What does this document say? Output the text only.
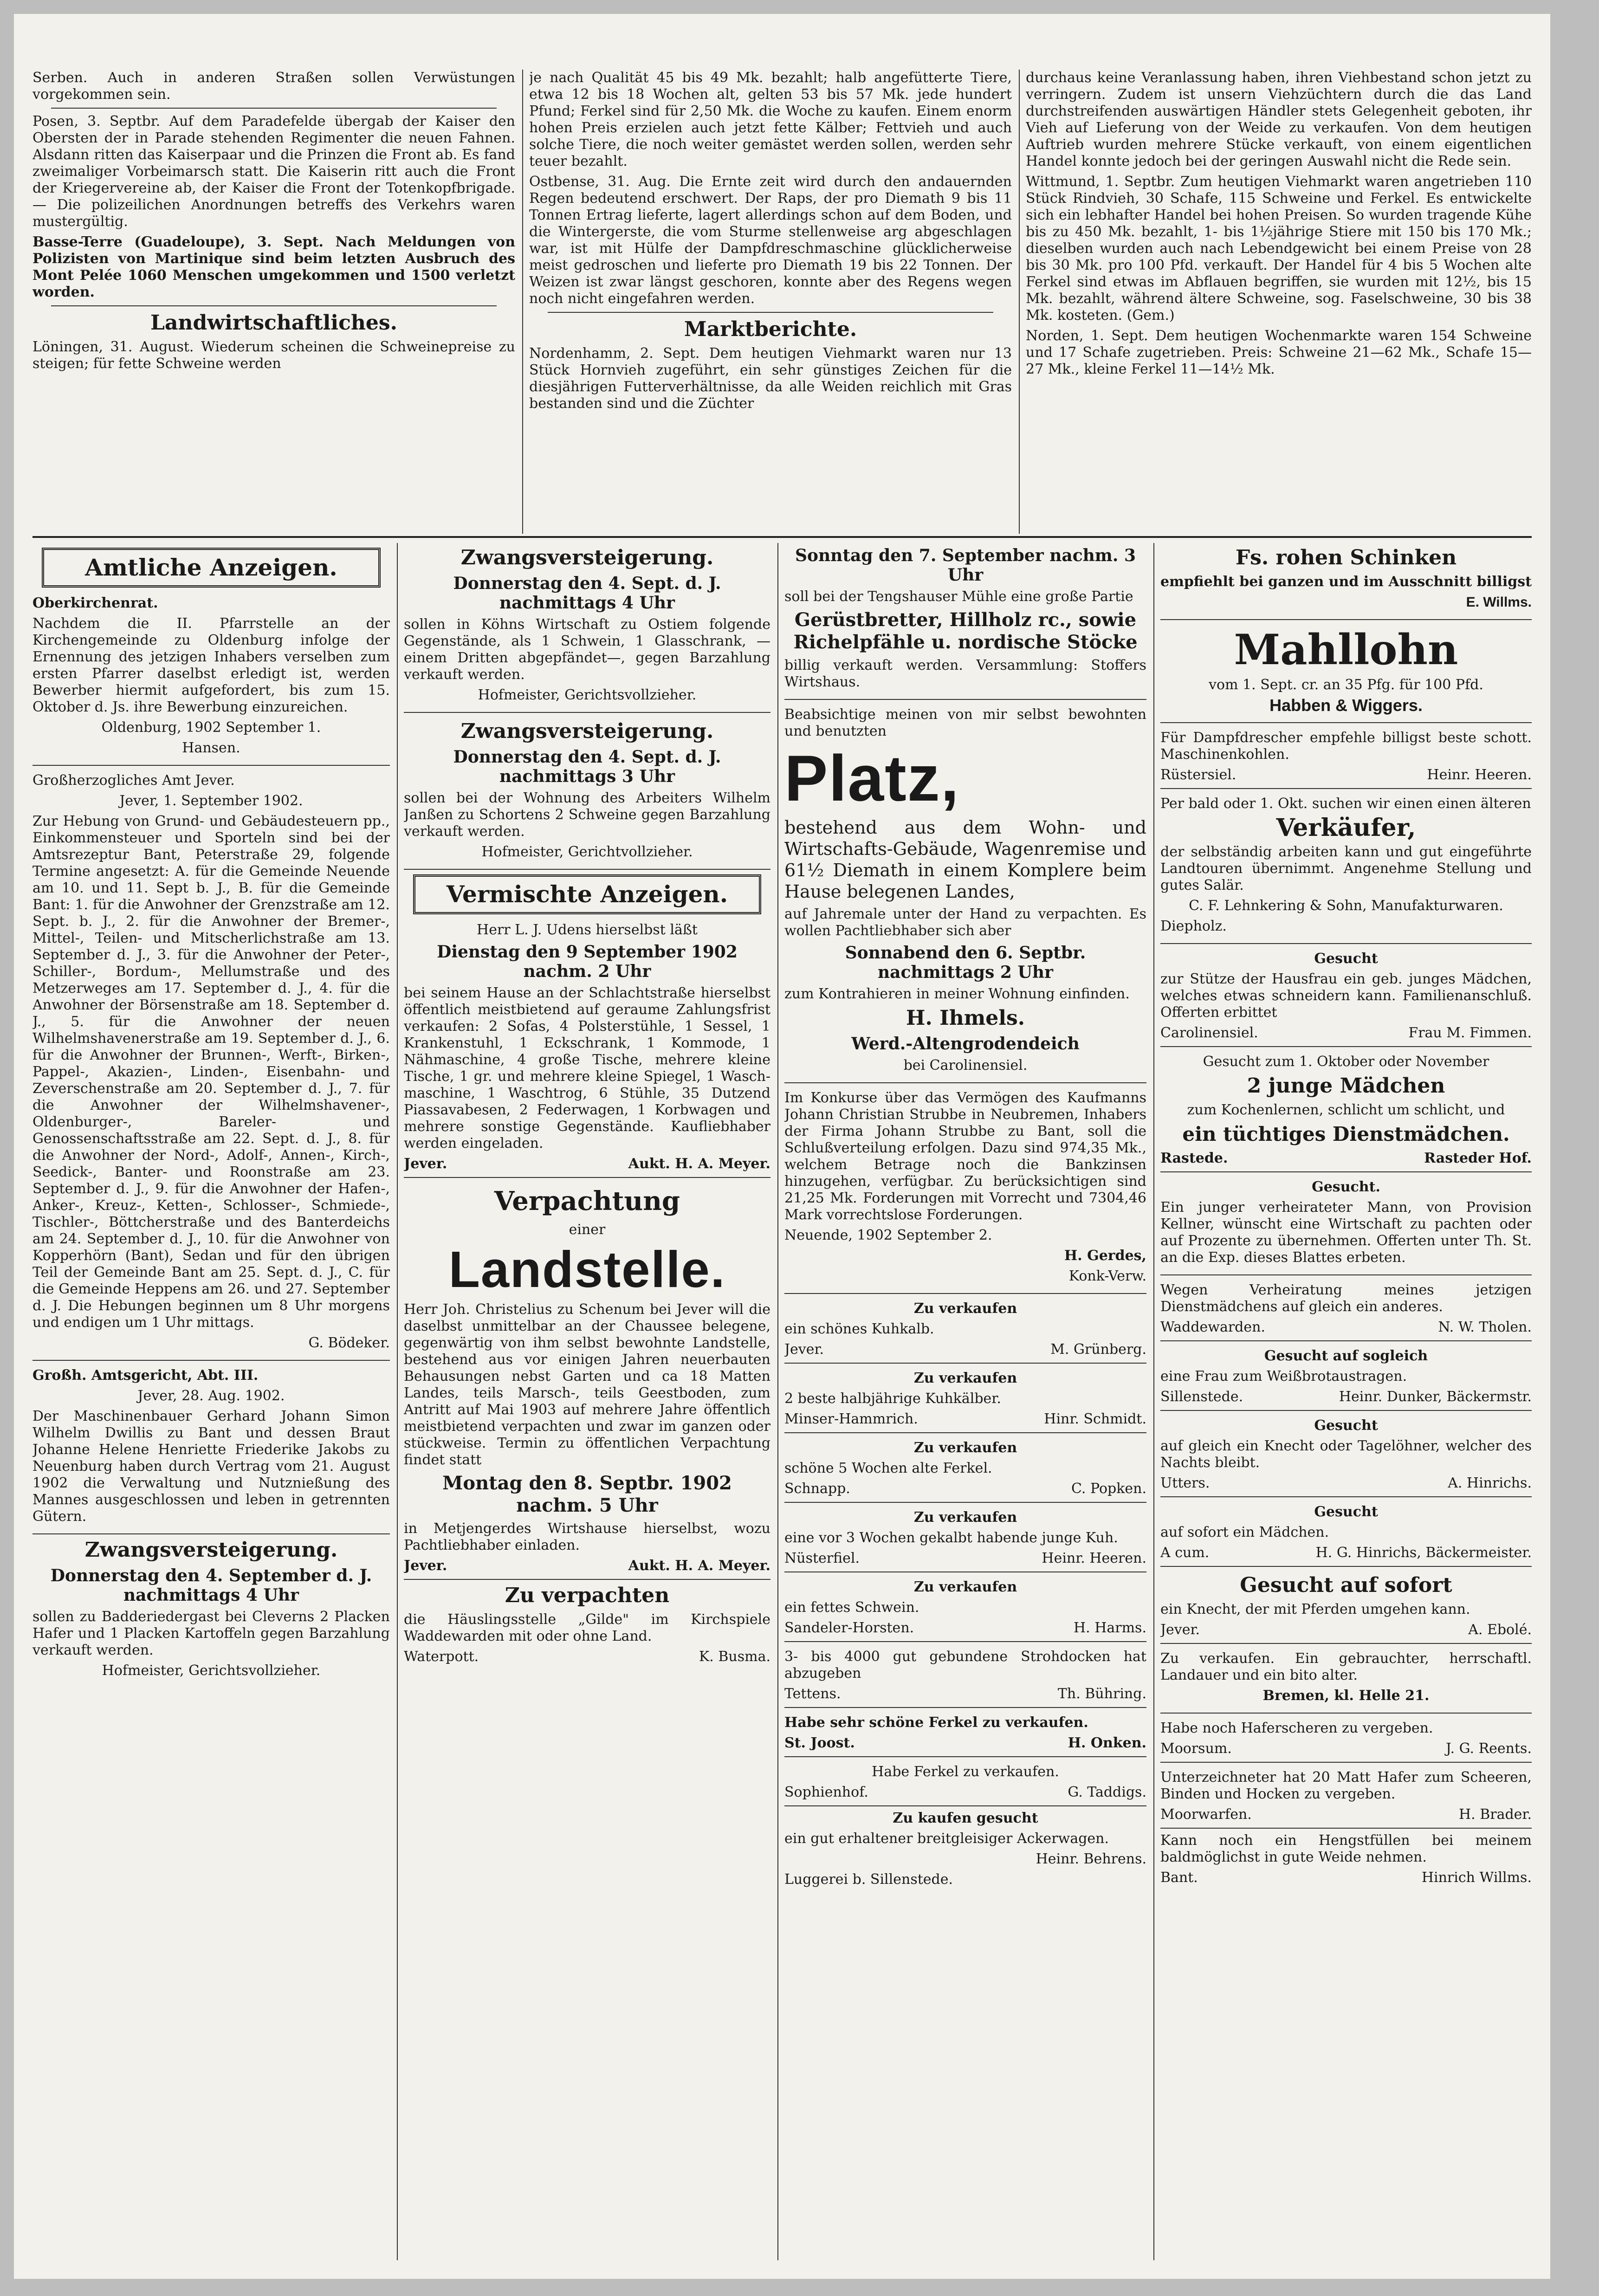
Serben. Auch in anderen Straßen sollen Verwüstungen vorgekommen sein.

Posen, 3. Septbr. Auf dem Paradefelde übergab der Kaiser den Obersten der in Parade stehenden Regimenter die neuen Fahnen. Alsdann ritten das Kaiserpaar und die Prinzen die Front ab. Es fand zweimaliger Vorbeimarsch statt. Die Kaiserin ritt auch die Front der Kriegervereine ab, der Kaiser die Front der Totenkopfbrigade. — Die polizeilichen Anordnungen betreffs des Verkehrs waren mustergültig.

Basse-Terre (Guadeloupe), 3. Sept. Nach Meldungen von Polizisten von Martinique sind beim letzten Ausbruch des Mont Pelée 1060 Menschen umgekommen und 1500 verletzt worden.

Landwirtschaftliches.

Löningen, 31. August. Wiederum scheinen die Schweinepreise zu steigen; für fette Schweine werden

je nach Qualität 45 bis 49 Mk. bezahlt; halb angefütterte Tiere, etwa 12 bis 18 Wochen alt, gelten 53 bis 57 Mk. jede hundert Pfund; Ferkel sind für 2,50 Mk. die Woche zu kaufen. Einem enorm hohen Preis erzielen auch jetzt fette Kälber; Fettvieh und auch solche Tiere, die noch weiter gemästet werden sollen, werden sehr teuer bezahlt.

Ostbense, 31. Aug. Die Ernte zeit wird durch den andauernden Regen bedeutend erschwert. Der Raps, der pro Diemath 9 bis 11 Tonnen Ertrag lieferte, lagert allerdings schon auf dem Boden, und die Wintergerste, die vom Sturme stellenweise arg abgeschlagen war, ist mit Hülfe der Dampfdreschmaschine glücklicherweise meist gedroschen und lieferte pro Diemath 19 bis 22 Tonnen. Der Weizen ist zwar längst geschoren, konnte aber des Regens wegen noch nicht eingefahren werden.

Marktberichte.

Nordenhamm, 2. Sept. Dem heutigen Viehmarkt waren nur 13 Stück Hornvieh zugeführt, ein sehr günstiges Zeichen für die diesjährigen Futterverhältnisse, da alle Weiden reichlich mit Gras bestanden sind und die Züchter

durchaus keine Veranlassung haben, ihren Viehbestand schon jetzt zu verringern. Zudem ist unsern Viehzüchtern durch die das Land durchstreifenden auswärtigen Händler stets Gelegenheit geboten, ihr Vieh auf Lieferung von der Weide zu verkaufen. Von dem heutigen Auftrieb wurden mehrere Stücke verkauft, von einem eigentlichen Handel konnte jedoch bei der geringen Auswahl nicht die Rede sein.

Wittmund, 1. Septbr. Zum heutigen Viehmarkt waren angetrieben 110 Stück Rindvieh, 30 Schafe, 115 Schweine und Ferkel. Es entwickelte sich ein lebhafter Handel bei hohen Preisen. So wurden tragende Kühe bis zu 450 Mk. bezahlt, 1- bis 1½jährige Stiere mit 150 bis 170 Mk.; dieselben wurden auch nach Lebendgewicht bei einem Preise von 28 bis 30 Mk. pro 100 Pfd. verkauft. Der Handel für 4 bis 5 Wochen alte Ferkel sind etwas im Abflauen begriffen, sie wurden mit 12½, bis 15 Mk. bezahlt, während ältere Schweine, sog. Faselschweine, 30 bis 38 Mk. kosteten. (Gem.)

Norden, 1. Sept. Dem heutigen Wochenmarkte waren 154 Schweine und 17 Schafe zugetrieben. Preis: Schweine 21—62 Mk., Schafe 15—27 Mk., kleine Ferkel 11—14½ Mk.

Amtliche Anzeigen.

Oberkirchenrat.

Nachdem die II. Pfarrstelle an der Kirchengemeinde zu Oldenburg infolge der Ernennung des jetzigen Inhabers verselben zum ersten Pfarrer daselbst erledigt ist, werden Bewerber hiermit aufgefordert, bis zum 15. Oktober d. Js. ihre Bewerbung einzureichen.

Oldenburg, 1902 September 1.

Hansen.

Großherzogliches Amt Jever.

Jever, 1. September 1902.

Zur Hebung von Grund- und Gebäudesteuern pp., Einkommensteuer und Sporteln sind bei der Amtsrezeptur Bant, Peterstraße 29, folgende Termine angesetzt: A. für die Gemeinde Neuende am 10. und 11. Sept b. J., B. für die Gemeinde Bant: 1. für die Anwohner der Grenzstraße am 12. Sept. b. J., 2. für die Anwohner der Bremer-, Mittel-, Teilen- und Mitscherlichstraße am 13. September d. J., 3. für die Anwohner der Peter-, Schiller-, Bordum-, Mellumstraße und des Metzerweges am 17. September d. J., 4. für die Anwohner der Börsenstraße am 18. September d. J., 5. für die Anwohner der neuen Wilhelmshavenerstraße am 19. September d. J., 6. für die Anwohner der Brunnen-, Werft-, Birken-, Pappel-, Akazien-, Linden-, Eisenbahn- und Zeverschenstraße am 20. September d. J., 7. für die Anwohner der Wilhelmshavener-, Oldenburger-, Bareler- und Genossenschaftsstraße am 22. Sept. d. J., 8. für die Anwohner der Nord-, Adolf-, Annen-, Kirch-, Seedick-, Banter- und Roonstraße am 23. September d. J., 9. für die Anwohner der Hafen-, Anker-, Kreuz-, Ketten-, Schlosser-, Schmiede-, Tischler-, Böttcherstraße und des Banterdeichs am 24. September d. J., 10. für die Anwohner von Kopperhörn (Bant), Sedan und für den übrigen Teil der Gemeinde Bant am 25. Sept. d. J., C. für die Gemeinde Heppens am 26. und 27. September d. J. Die Hebungen beginnen um 8 Uhr morgens und endigen um 1 Uhr mittags.

G. Bödeker.

Großh. Amtsgericht, Abt. III.

Jever, 28. Aug. 1902.

Der Maschinenbauer Gerhard Johann Simon Wilhelm Dwillis zu Bant und dessen Braut Johanne Helene Henriette Friederike Jakobs zu Neuenburg haben durch Vertrag vom 21. August 1902 die Verwaltung und Nutznießung des Mannes ausgeschlossen und leben in getrennten Gütern.

Zwangsversteigerung.

Donnerstag den 4. September d. J. nachmittags 4 Uhr

sollen zu Badderiedergast bei Cleverns 2 Placken Hafer und 1 Placken Kartoffeln gegen Barzahlung verkauft werden.

Hofmeister, Gerichtsvollzieher.

Zwangsversteigerung.

Donnerstag den 4. Sept. d. J. nachmittags 4 Uhr

sollen in Köhns Wirtschaft zu Ostiem folgende Gegenstände, als 1 Schwein, 1 Glasschrank, —einem Dritten abgepfändet—, gegen Barzahlung verkauft werden.

Hofmeister, Gerichtsvollzieher.

Zwangsversteigerung.

Donnerstag den 4. Sept. d. J. nachmittags 3 Uhr

sollen bei der Wohnung des Arbeiters Wilhelm Janßen zu Schortens 2 Schweine gegen Barzahlung verkauft werden.

Hofmeister, Gerichtvollzieher.

Vermischte Anzeigen.

Herr L. J. Udens hierselbst läßt

Dienstag den 9 September 1902 nachm. 2 Uhr

bei seinem Hause an der Schlachtstraße hierselbst öffentlich meistbietend auf geraume Zahlungsfrist verkaufen: 2 Sofas, 4 Polsterstühle, 1 Sessel, 1 Krankenstuhl, 1 Eckschrank, 1 Kommode, 1 Nähmaschine, 4 große Tische, mehrere kleine Tische, 1 gr. und mehrere kleine Spiegel, 1 Wasch-maschine, 1 Waschtrog, 6 Stühle, 35 Dutzend Piassavabesen, 2 Federwagen, 1 Korbwagen und mehrere sonstige Gegenstände. Kaufliebhaber werden eingeladen.

Jever.	Aukt. H. A. Meyer.

Verpachtung

einer

Landstelle.

Herr Joh. Christelius zu Schenum bei Jever will die daselbst unmittelbar an der Chaussee belegene, gegenwärtig von ihm selbst bewohnte Landstelle, bestehend aus vor einigen Jahren neuerbauten Behausungen nebst Garten und ca 18 Matten Landes, teils Marsch-, teils Geestboden, zum Antritt auf Mai 1903 auf mehrere Jahre öffentlich meistbietend verpachten und zwar im ganzen oder stückweise. Termin zu öffentlichen Verpachtung findet statt

Montag den 8. Septbr. 1902 nachm. 5 Uhr

in Metjengerdes Wirtshause hierselbst, wozu Pachtliebhaber einladen.

Jever.	Aukt. H. A. Meyer.

Zu verpachten

die Häuslingsstelle „Gilde" im Kirchspiele Waddewarden mit oder ohne Land.

Waterpott.	K. Busma.

Sonntag den 7. September nachm. 3 Uhr

soll bei der Tengshauser Mühle eine große Partie

Gerüstbretter, Hillholz rc., sowie Richelpfähle u. nordische Stöcke

billig verkauft werden. Versammlung: Stoffers Wirtshaus.

Beabsichtige meinen von mir selbst bewohnten und benutzten

Platz,

bestehend aus dem Wohn- und Wirtschafts-Gebäude, Wagenremise und 61½ Diemath in einem Komplere beim Hause belegenen Landes,

auf Jahremale unter der Hand zu verpachten. Es wollen Pachtliebhaber sich aber

Sonnabend den 6. Septbr. nachmittags 2 Uhr

zum Kontrahieren in meiner Wohnung einfinden.

H. Ihmels.

Werd.-Altengrodendeich

bei Carolinensiel.

Im Konkurse über das Vermögen des Kaufmanns Johann Christian Strubbe in Neubremen, Inhabers der Firma Johann Strubbe zu Bant, soll die Schlußverteilung erfolgen. Dazu sind 974,35 Mk., welchem Betrage noch die Bankzinsen hinzugehen, verfügbar. Zu berücksichtigen sind 21,25 Mk. Forderungen mit Vorrecht und 7304,46 Mark vorrechtslose Forderungen.

Neuende, 1902 September 2.

H. Gerdes,

Konk-Verw.

Zu verkaufen

ein schönes Kuhkalb.

Jever.	M. Grünberg.

Zu verkaufen

2 beste halbjährige Kuhkälber.

Minser-Hammrich.	Hinr. Schmidt.

Zu verkaufen

schöne 5 Wochen alte Ferkel.

Schnapp.	C. Popken.

Zu verkaufen

eine vor 3 Wochen gekalbt habende junge Kuh.

Nüsterfiel.	Heinr. Heeren.

Zu verkaufen

ein fettes Schwein.

Sandeler-Horsten.	H. Harms.

3- bis 4000 gut gebundene Strohdocken hat abzugeben

Tettens.	Th. Bühring.

Habe sehr schöne Ferkel zu verkaufen.

St. Joost.	H. Onken.

Habe Ferkel zu verkaufen.

Sophienhof.	G. Taddigs.

Zu kaufen gesucht

ein gut erhaltener breitgleisiger Ackerwagen.

Heinr. Behrens.

Luggerei b. Sillenstede.

Fs. rohen Schinken

empfiehlt bei ganzen und im Ausschnitt billigst

E. Willms.

Mahllohn

vom 1. Sept. cr. an 35 Pfg. für 100 Pfd.

Habben & Wiggers.

Für Dampfdrescher empfehle billigst beste schott. Maschinenkohlen.

Rüstersiel.	Heinr. Heeren.

Per bald oder 1. Okt. suchen wir einen einen älteren

Verkäufer,

der selbständig arbeiten kann und gut eingeführte Landtouren übernimmt. Angenehme Stellung und gutes Salär.

C. F. Lehnkering & Sohn, Manufakturwaren.

Diepholz.

Gesucht

zur Stütze der Hausfrau ein geb. junges Mädchen, welches etwas schneidern kann. Familienanschluß. Offerten erbittet

Carolinensiel.	Frau M. Fimmen.

Gesucht zum 1. Oktober oder November

2 junge Mädchen

zum Kochenlernen, schlicht um schlicht, und

ein tüchtiges Dienstmädchen.

Rastede.	Rasteder Hof.

Gesucht.

Ein junger verheirateter Mann, von Provision Kellner, wünscht eine Wirtschaft zu pachten oder auf Prozente zu übernehmen. Offerten unter Th. St. an die Exp. dieses Blattes erbeten.

Wegen Verheiratung meines jetzigen Dienstmädchens auf gleich ein anderes.

Waddewarden.	N. W. Tholen.

Gesucht auf sogleich

eine Frau zum Weißbrotaustragen.

Sillenstede.	Heinr. Dunker, Bäckermstr.

Gesucht

auf gleich ein Knecht oder Tagelöhner, welcher des Nachts bleibt.

Utters.	A. Hinrichs.

Gesucht

auf sofort ein Mädchen.

A cum.	H. G. Hinrichs, Bäckermeister.

Gesucht auf sofort

ein Knecht, der mit Pferden umgehen kann.

Jever.	A. Ebolé.

Zu verkaufen. Ein gebrauchter, herrschaftl. Landauer und ein bito alter.

Bremen, kl. Helle 21.

Habe noch Haferscheren zu vergeben.

Moorsum.	J. G. Reents.

Unterzeichneter hat 20 Matt Hafer zum Scheeren, Binden und Hocken zu vergeben.

Moorwarfen.	H. Brader.

Kann noch ein Hengstfüllen bei meinem baldmöglichst in gute Weide nehmen.

Bant.	Hinrich Willms.
